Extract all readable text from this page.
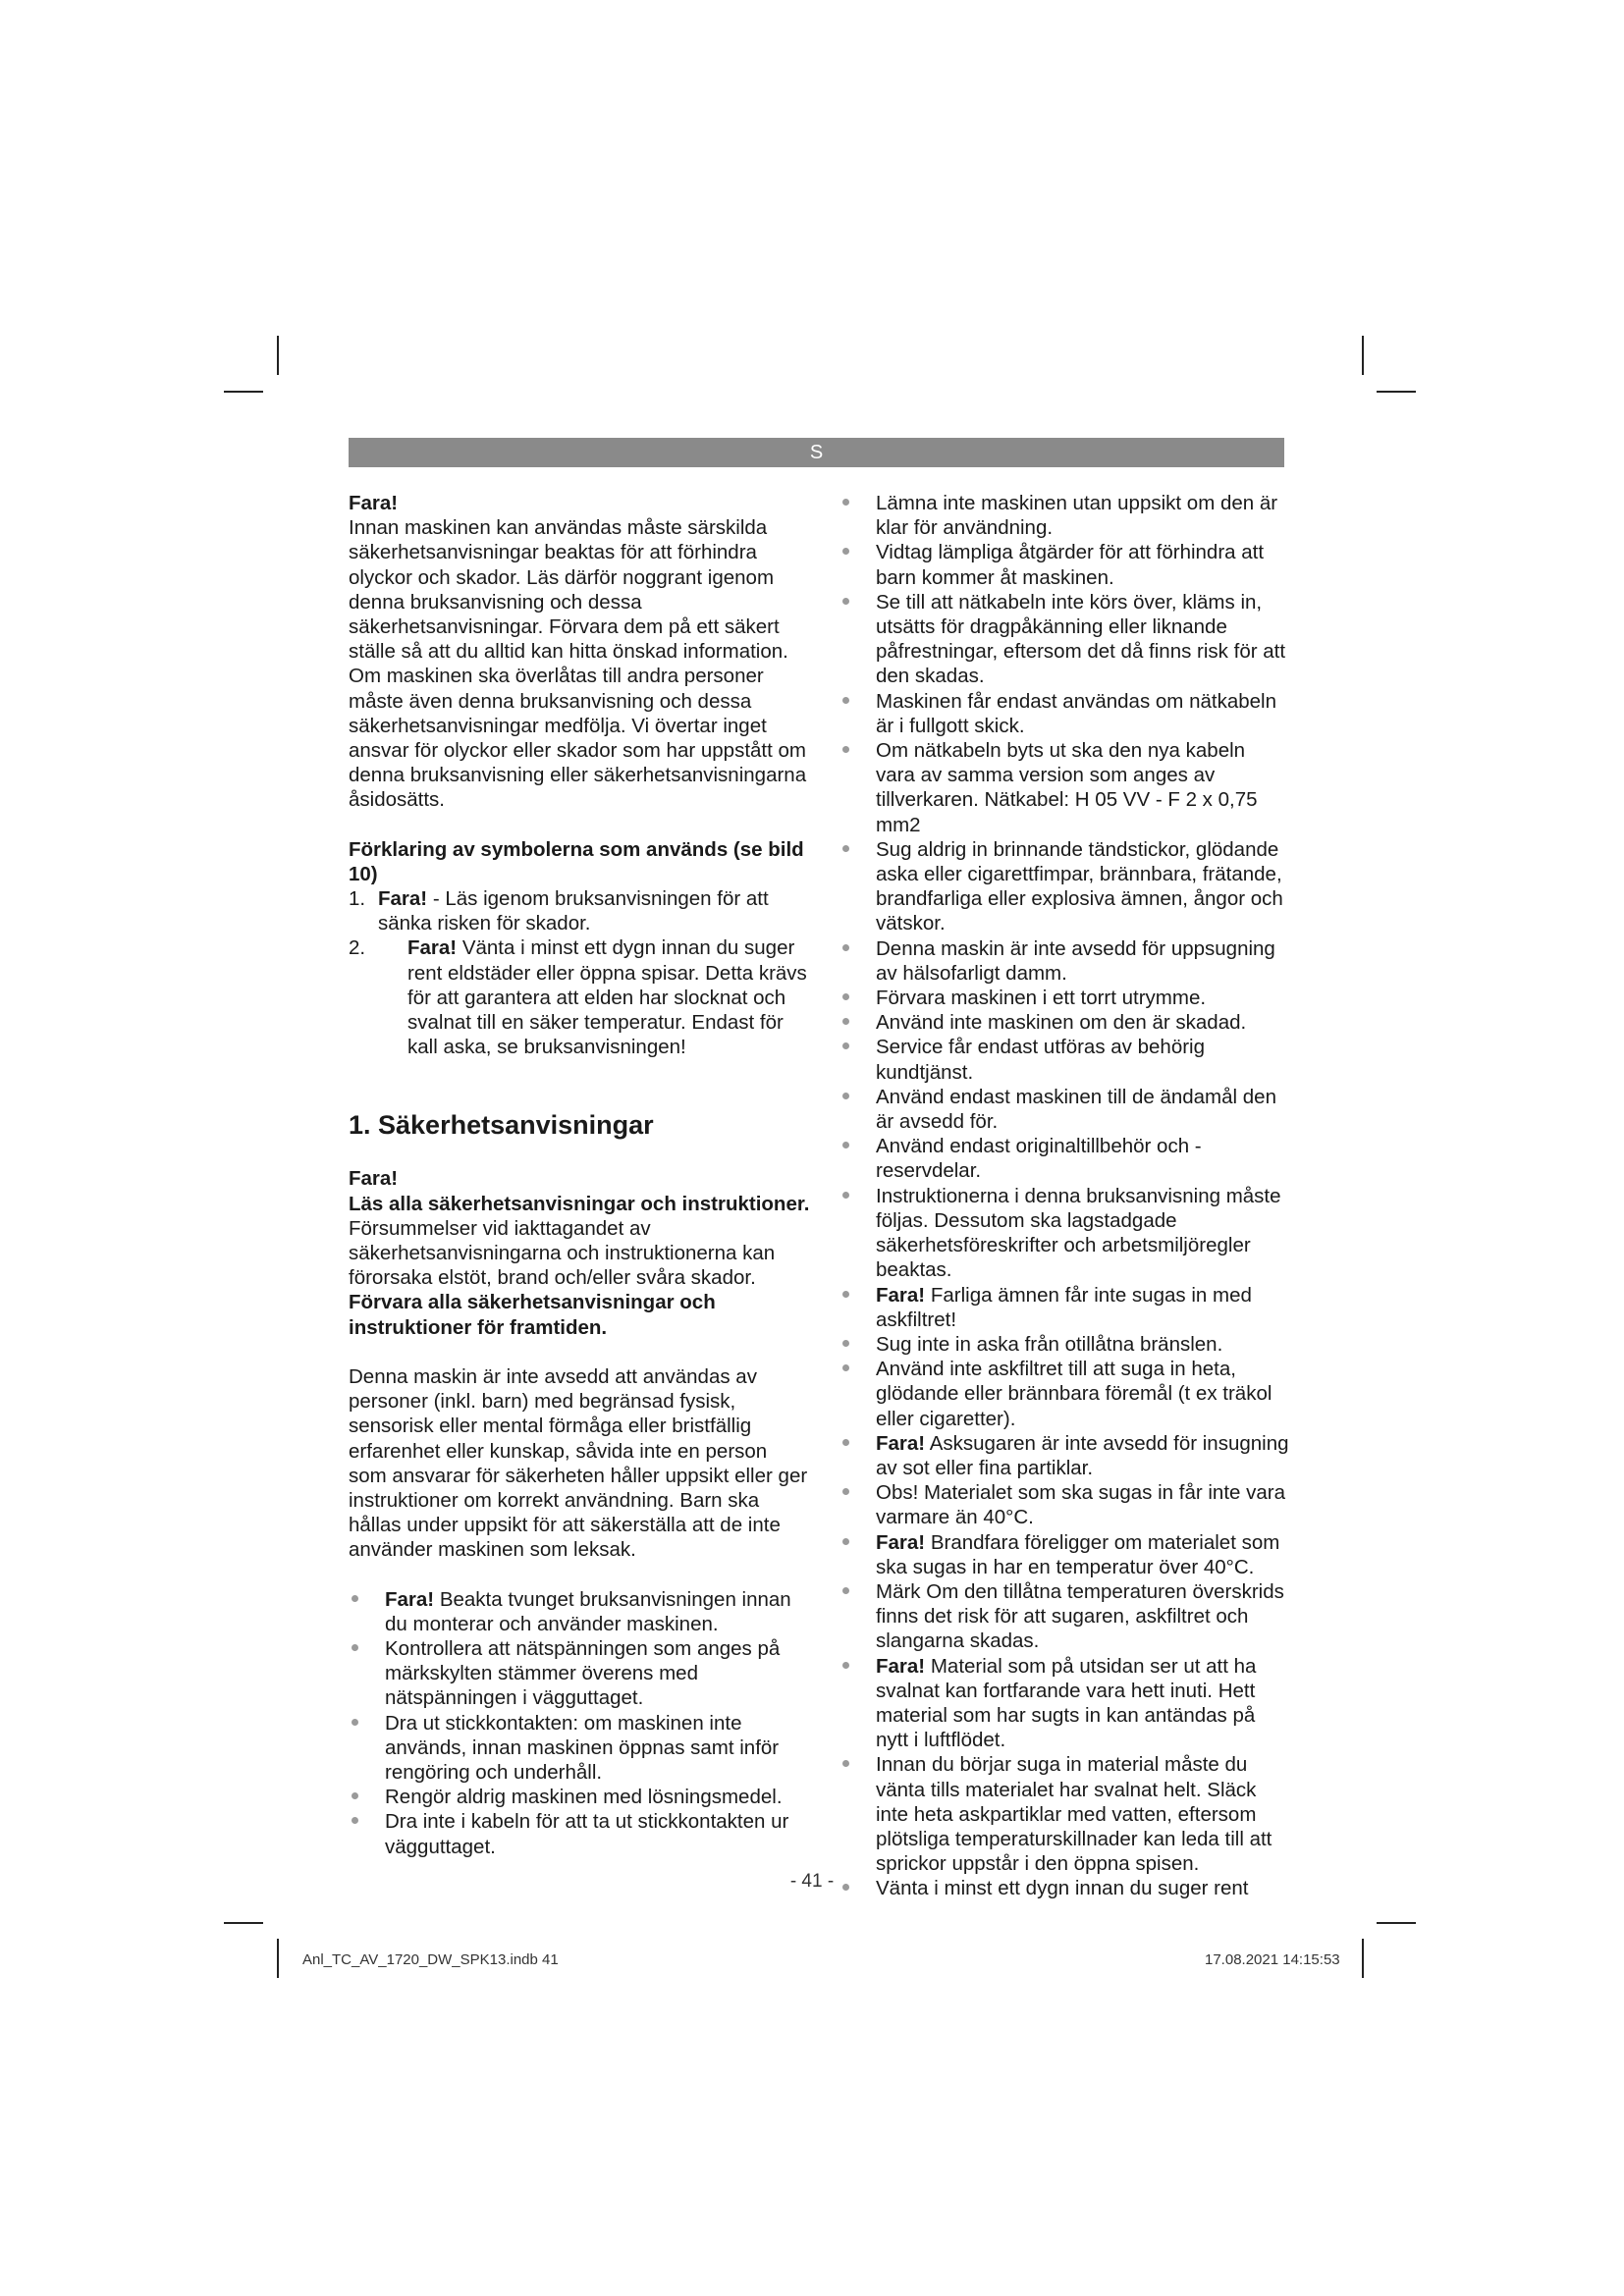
S

Fara!

Innan maskinen kan användas måste särskilda säkerhetsanvisningar beaktas för att förhindra olyckor och skador. Läs därför noggrant igenom denna bruksanvisning och dessa säkerhetsanvisningar. Förvara dem på ett säkert ställe så att du alltid kan hitta önskad information. Om maskinen ska överlåtas till andra personer måste även denna bruksanvisning och dessa säkerhetsanvisningar medfölja. Vi övertar inget ansvar för olyckor eller skador som har uppstått om denna bruksanvisning eller säkerhetsanvisningarna åsidosätts.

Förklaring av symbolerna som används (se bild 10)

1. Fara! - Läs igenom bruksanvisningen för att sänka risken för skador.
2.	Fara! Vänta i minst ett dygn innan du suger rent eldstäder eller öppna spisar. Detta krävs för att garantera att elden har slocknat och svalnat till en säker temperatur. Endast för kall aska, se bruksanvisningen!

1. Säkerhetsanvisningar

Fara!

Läs alla säkerhetsanvisningar och instruktioner. Försummelser vid iakttagandet av säkerhetsanvisningarna och instruktionerna kan förorsaka elstöt, brand och/eller svåra skador. Förvara alla säkerhetsanvisningar och instruktioner för framtiden.

Denna maskin är inte avsedd att användas av personer (inkl. barn) med begränsad fysisk, sensorisk eller mental förmåga eller bristfällig erfarenhet eller kunskap, såvida inte en person som ansvarar för säkerheten håller uppsikt eller ger instruktioner om korrekt användning. Barn ska hållas under uppsikt för att säkerställa att de inte använder maskinen som leksak.

Fara! Beakta tvunget bruksanvisningen innan du monterar och använder maskinen.
Kontrollera att nätspänningen som anges på märkskylten stämmer överens med nätspänningen i vägguttaget.
Dra ut stickkontakten: om maskinen inte används, innan maskinen öppnas samt inför rengöring och underhåll.
Rengör aldrig maskinen med lösningsmedel.
Dra inte i kabeln för att ta ut stickkontakten ur vägguttaget.
Lämna inte maskinen utan uppsikt om den är klar för användning.
Vidtag lämpliga åtgärder för att förhindra att barn kommer åt maskinen.
Se till att nätkabeln inte körs över, kläms in, utsätts för dragpåkänning eller liknande påfrestningar, eftersom det då finns risk för att den skadas.
Maskinen får endast användas om nätkabeln är i fullgott skick.
Om nätkabeln byts ut ska den nya kabeln vara av samma version som anges av tillverkaren. Nätkabel: H 05 VV - F 2 x 0,75 mm2
Sug aldrig in brinnande tändstickor, glödande aska eller cigarettfimpar, brännbara, frätande, brandfarliga eller explosiva ämnen, ångor och vätskor.
Denna maskin är inte avsedd för uppsugning av hälsofarligt damm.
Förvara maskinen i ett torrt utrymme.
Använd inte maskinen om den är skadad.
Service får endast utföras av behörig kundtjänst.
Använd endast maskinen till de ändamål den är avsedd för.
Använd endast originaltillbehör och -reservdelar.
Instruktionerna i denna bruksanvisning måste följas. Dessutom ska lagstadgade säkerhetsföreskrifter och arbetsmiljöregler beaktas.
Fara! Farliga ämnen får inte sugas in med askfiltret!
Sug inte in aska från otillåtna bränslen.
Använd inte askfiltret till att suga in heta, glödande eller brännbara föremål (t ex träkol eller cigaretter).
Fara! Asksugaren är inte avsedd för insugning av sot eller fina partiklar.
Obs! Materialet som ska sugas in får inte vara varmare än 40°C.
Fara! Brandfara föreligger om materialet som ska sugas in har en temperatur över 40°C.
Märk Om den tillåtna temperaturen överskrids finns det risk för att sugaren, askfiltret och slangarna skadas.
Fara! Material som på utsidan ser ut att ha svalnat kan fortfarande vara hett inuti. Hett material som har sugts in kan antändas på nytt i luftflödet.
Innan du börjar suga in material måste du vänta tills materialet har svalnat helt. Släck inte heta askpartiklar med vatten, eftersom plötsliga temperaturskillnader kan leda till att sprickor uppstår i den öppna spisen.
Vänta i minst ett dygn innan du suger rent
- 41 -
Anl_TC_AV_1720_DW_SPK13.indb 41	17.08.2021 14:15:53
